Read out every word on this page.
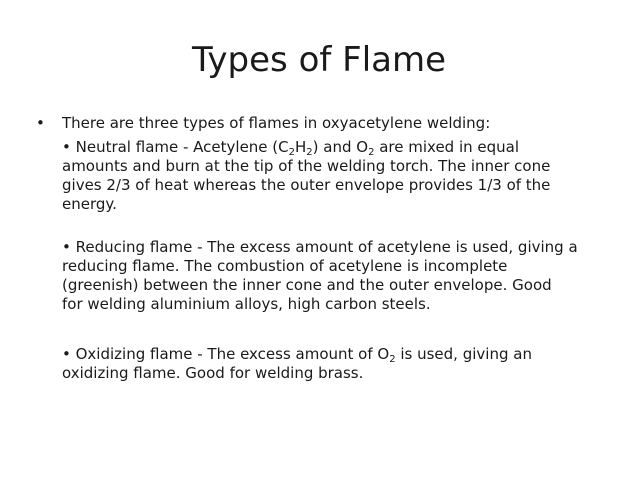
Types of Flame
• There are three types of flames in oxyacetylene welding:
• Neutral flame - Acetylene $(C_2H_2)$ and $O_2$ are mixed in equal
amounts and burn at the tip of the welding torch. The inner cone
gives 2/3 of heat whereas the outer envelope provides 1/3 of the
energy.
• Reducing flame - The excess amount of acetylene is used, giving a
reducing flame. The combustion of acetylene is incomplete
(greenish) between the inner cone and the outer envelope. Good
for welding aluminium alloys, high carbon steels.
• Oxidizing flame - The excess amount of $O_2$ is used, giving an
oxidizing flame. Good for welding brass.
